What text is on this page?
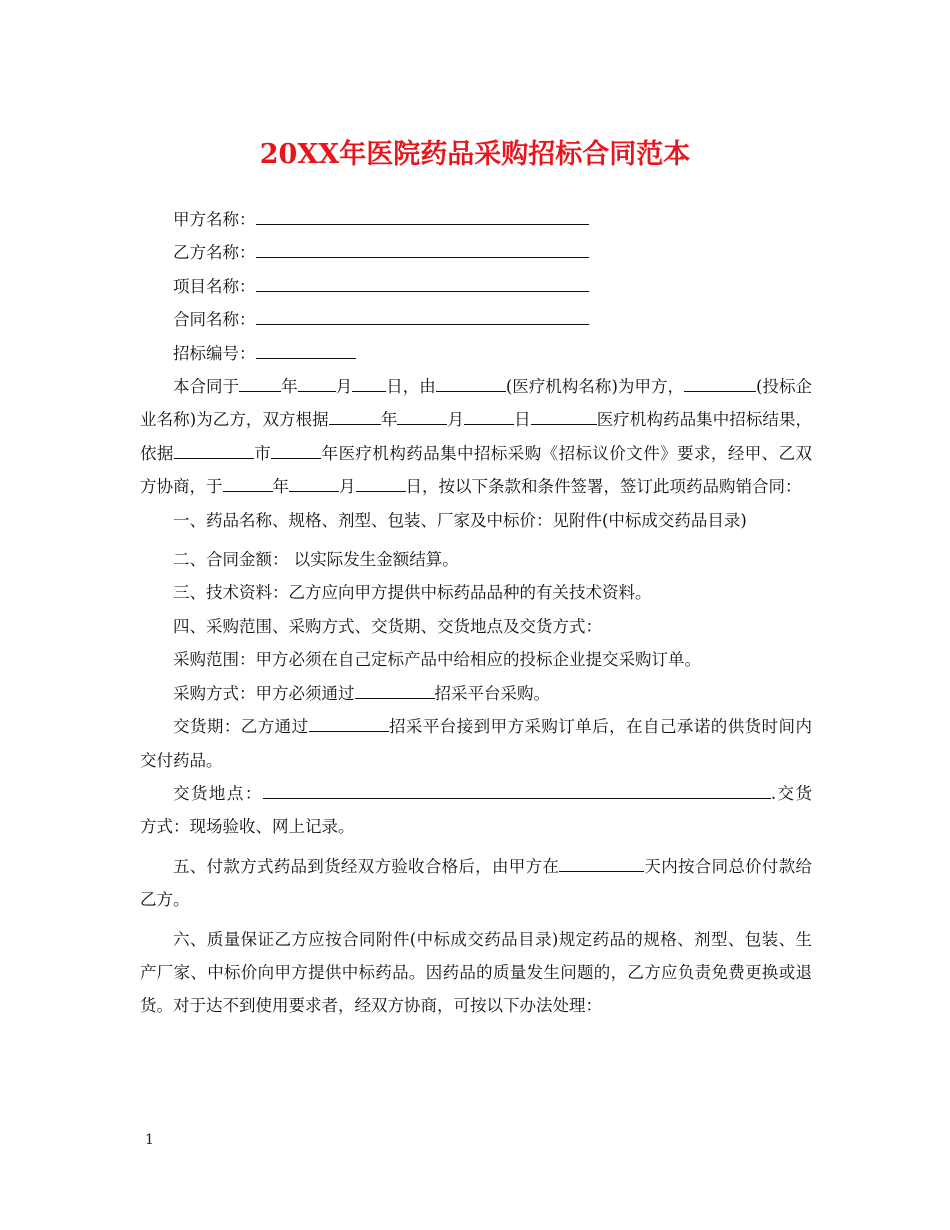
20XX年医院药品采购招标合同范本

甲方名称：

乙方名称：

项目名称：

合同名称：

招标编号：

本合同于	年 月 日，由	(医疗机构名称)为甲方，	(投标企业名称)为乙方，双方根据	年	月	日	医疗机构药品集中招标结果，依据	市	年医疗机构药品集中招标采购《招标议价文件》要求，经甲、乙双方协商，于	年	月	日，按以下条款和条件签署，签订此项药品购销合同：

一、药品名称、规格、剂型、包装、厂家及中标价：见附件(中标成交药品目录)

二、合同金额： 以实际发生金额结算。

三、技术资料：乙方应向甲方提供中标药品品种的有关技术资料。

四、采购范围、采购方式、交货期、交货地点及交货方式：

采购范围：甲方必须在自己定标产品中给相应的投标企业提交采购订单。

采购方式：甲方必须通过	招采平台采购。

交货期：乙方通过	招采平台接到甲方采购订单后，在自己承诺的供货时间内交付药品。

交货地点：	.交货方式：现场验收、网上记录。

五、付款方式药品到货经双方验收合格后，由甲方在	天内按合同总价付款给乙方。

六、质量保证乙方应按合同附件(中标成交药品目录)规定药品的规格、剂型、包装、生产厂家、中标价向甲方提供中标药品。因药品的质量发生问题的，乙方应负责免费更换或退货。对于达不到使用要求者，经双方协商，可按以下办法处理：

1
